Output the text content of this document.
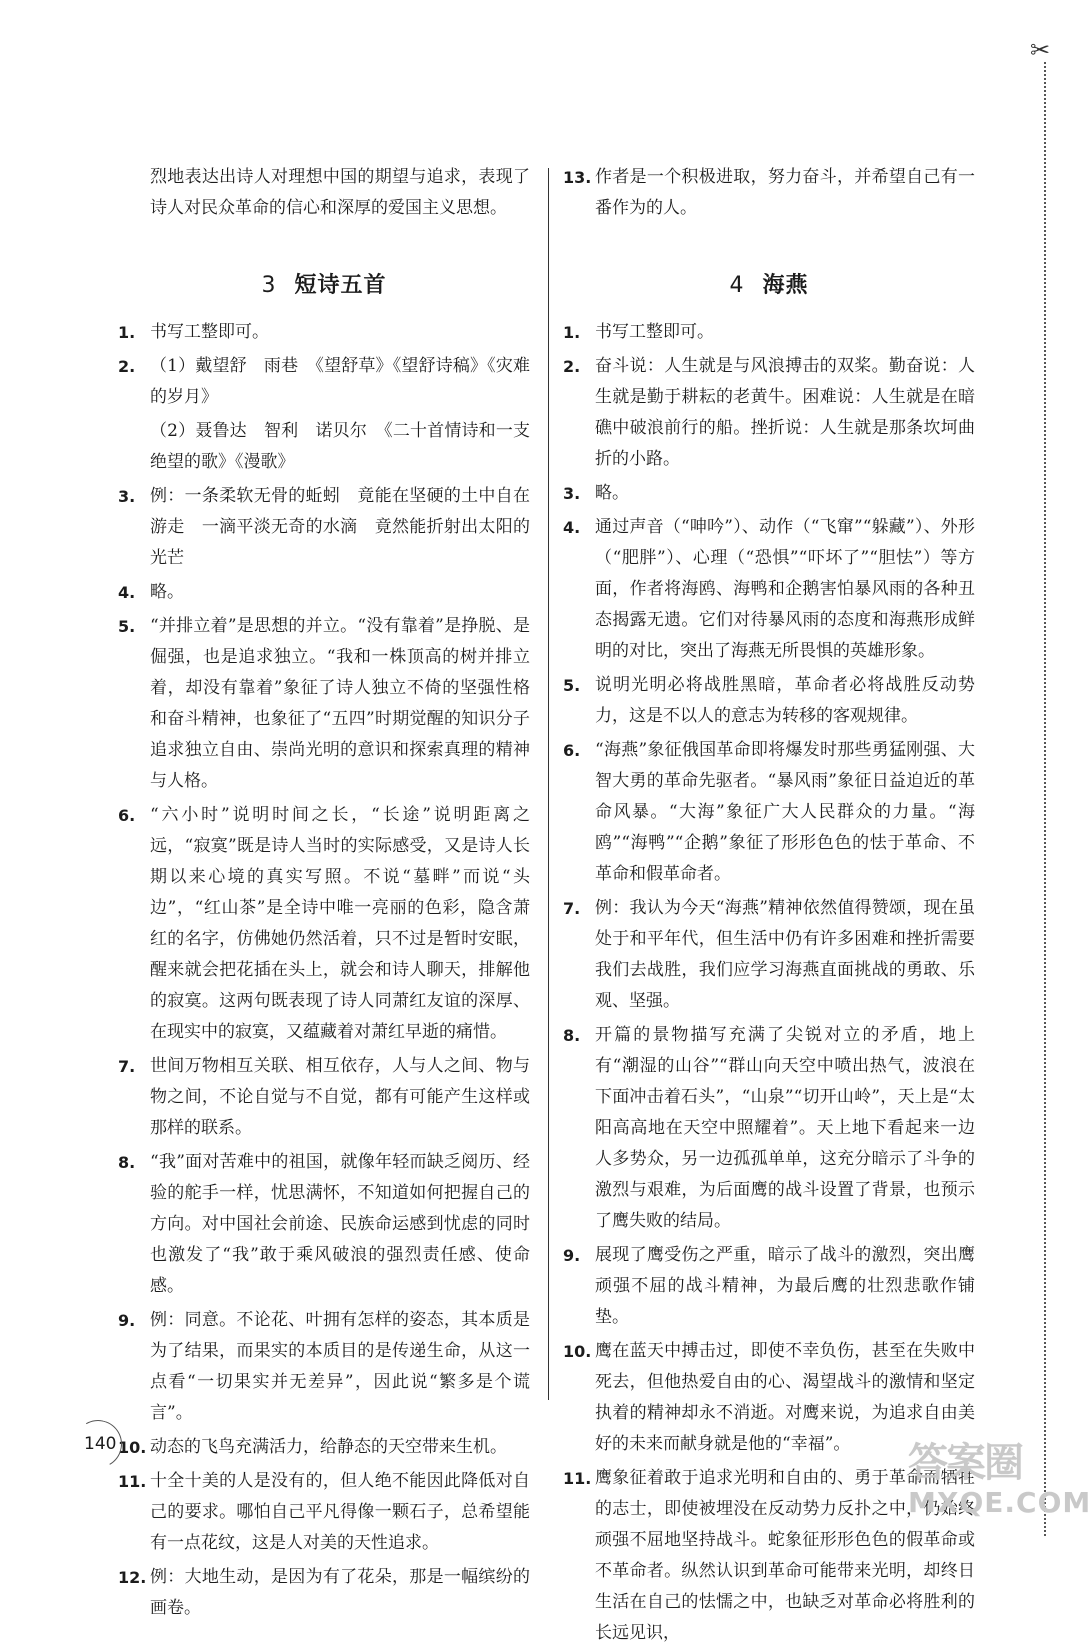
✂

烈地表达出诗人对理想中国的期望与追求，表现了诗人对民众革命的信心和深厚的爱国主义思想。

3 短诗五首
1. 书写工整即可。
2. （1）戴望舒　雨巷　《望舒草》《望舒诗稿》《灾难的岁月》
（2）聂鲁达　智利　诺贝尔　《二十首情诗和一支绝望的歌》《漫歌》
3. 例：一条柔软无骨的蚯蚓　竟能在坚硬的土中自在游走　一滴平淡无奇的水滴　竟然能折射出太阳的光芒
4. 略。
5. “并排立着”是思想的并立。“没有靠着”是挣脱、是倔强，也是追求独立。“我和一株顶高的树并排立着，却没有靠着”象征了诗人独立不倚的坚强性格和奋斗精神，也象征了“五四”时期觉醒的知识分子追求独立自由、崇尚光明的意识和探索真理的精神与人格。
6. “六小时”说明时间之长，“长途”说明距离之远，“寂寞”既是诗人当时的实际感受，又是诗人长期以来心境的真实写照。不说“墓畔”而说“头边”，“红山茶”是全诗中唯一亮丽的色彩，隐含萧红的名字，仿佛她仍然活着，只不过是暂时安眠，醒来就会把花插在头上，就会和诗人聊天，排解他的寂寞。这两句既表现了诗人同萧红友谊的深厚、在现实中的寂寞，又蕴藏着对萧红早逝的痛惜。
7. 世间万物相互关联、相互依存，人与人之间、物与物之间，不论自觉与不自觉，都有可能产生这样或那样的联系。
8. “我”面对苦难中的祖国，就像年轻而缺乏阅历、经验的舵手一样，忧思满怀，不知道如何把握自己的方向。对中国社会前途、民族命运感到忧虑的同时也激发了“我”敢于乘风破浪的强烈责任感、使命感。
9. 例：同意。不论花、叶拥有怎样的姿态，其本质是为了结果，而果实的本质目的是传递生命，从这一点看“一切果实并无差异”，因此说“繁多是个谎言”。
10. 动态的飞鸟充满活力，给静态的天空带来生机。
11. 十全十美的人是没有的，但人绝不能因此降低对自己的要求。哪怕自己平凡得像一颗石子，总希望能有一点花纹，这是人对美的天性追求。
12. 例：大地生动，是因为有了花朵，那是一幅缤纷的画卷。
13. 作者是一个积极进取，努力奋斗，并希望自己有一番作为的人。
4 海燕
1. 书写工整即可。
2. 奋斗说：人生就是与风浪搏击的双桨。勤奋说：人生就是勤于耕耘的老黄牛。困难说：人生就是在暗礁中破浪前行的船。挫折说：人生就是那条坎坷曲折的小路。
3. 略。
4. 通过声音（“呻吟”）、动作（“飞窜”“躲藏”）、外形（“肥胖”）、心理（“恐惧”“吓坏了”“胆怯”）等方面，作者将海鸥、海鸭和企鹅害怕暴风雨的各种丑态揭露无遗。它们对待暴风雨的态度和海燕形成鲜明的对比，突出了海燕无所畏惧的英雄形象。
5. 说明光明必将战胜黑暗，革命者必将战胜反动势力，这是不以人的意志为转移的客观规律。
6. “海燕”象征俄国革命即将爆发时那些勇猛刚强、大智大勇的革命先驱者。“暴风雨”象征日益迫近的革命风暴。“大海”象征广大人民群众的力量。“海鸥”“海鸭”“企鹅”象征了形形色色的怯于革命、不革命和假革命者。
7. 例：我认为今天“海燕”精神依然值得赞颂，现在虽处于和平年代，但生活中仍有许多困难和挫折需要我们去战胜，我们应学习海燕直面挑战的勇敢、乐观、坚强。
8. 开篇的景物描写充满了尖锐对立的矛盾，地上有“潮湿的山谷”“群山向天空中喷出热气，波浪在下面冲击着石头”，“山泉”“切开山岭”，天上是“太阳高高地在天空中照耀着”。天上地下看起来一边人多势众，另一边孤孤单单，这充分暗示了斗争的激烈与艰难，为后面鹰的战斗设置了背景，也预示了鹰失败的结局。
9. 展现了鹰受伤之严重，暗示了战斗的激烈，突出鹰顽强不屈的战斗精神，为最后鹰的壮烈悲歌作铺垫。
10. 鹰在蓝天中搏击过，即使不幸负伤，甚至在失败中死去，但他热爱自由的心、渴望战斗的激情和坚定执着的精神却永不消逝。对鹰来说，为追求自由美好的未来而献身就是他的“幸福”。
11. 鹰象征着敢于追求光明和自由的、勇于革命而牺牲的志士，即使被埋没在反动势力反扑之中，仍始终顽强不屈地坚持战斗。蛇象征形形色色的假革命或不革命者。纵然认识到革命可能带来光明，却终日生活在自己的怯懦之中，也缺乏对革命必将胜利的长远见识，
140	答案圈
MXQE.COM
